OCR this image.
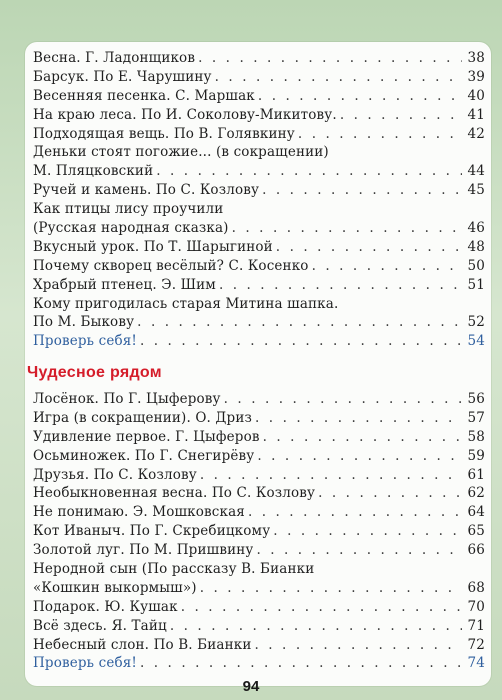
Весна. Г. Ладонщиков . . .	38
Барсук. По Е. Чарушину . . .	39
Весенняя песенка. С. Маршак . . .	40
На краю леса. По И. Соколову-Микитову. . . .	41
Подходящая вещь. По В. Голявкину . . .	42
Деньки стоят погожие... (в сокращении)
М. Пляцковский . . .	44
Ручей и камень. По С. Козлову . . .	45
Как птицы лису проучили
(Русская народная сказка) . . .	46
Вкусный урок. По Т. Шарыгиной . . .	48
Почему скворец весёлый? С. Косенко . . .	50
Храбрый птенец. Э. Шим . . .	51
Кому пригодилась старая Митина шапка.
По М. Быкову . . .	52
Проверь себя! . . .	54
Чудесное рядом
Лосёнок. По Г. Цыферову . . .	56
Игра (в сокращении). О. Дриз . . .	57
Удивление первое. Г. Цыферов . . .	58
Осьминожек. По Г. Снегирёву . . .	59
Друзья. По С. Козлову . . .	61
Необыкновенная весна. По С. Козлову . . .	62
Не понимаю. Э. Мошковская . . .	64
Кот Иваныч. По Г. Скребицкому . . .	65
Золотой луг. По М. Пришвину . . .	66
Неродной сын (По рассказу В. Бианки
«Кошкин выкормыш») . . .	68
Подарок. Ю. Кушак . . .	70
Всё здесь. Я. Тайц . . .	71
Небесный слон. По В. Бианки . . .	72
Проверь себя! . . .	74
94
